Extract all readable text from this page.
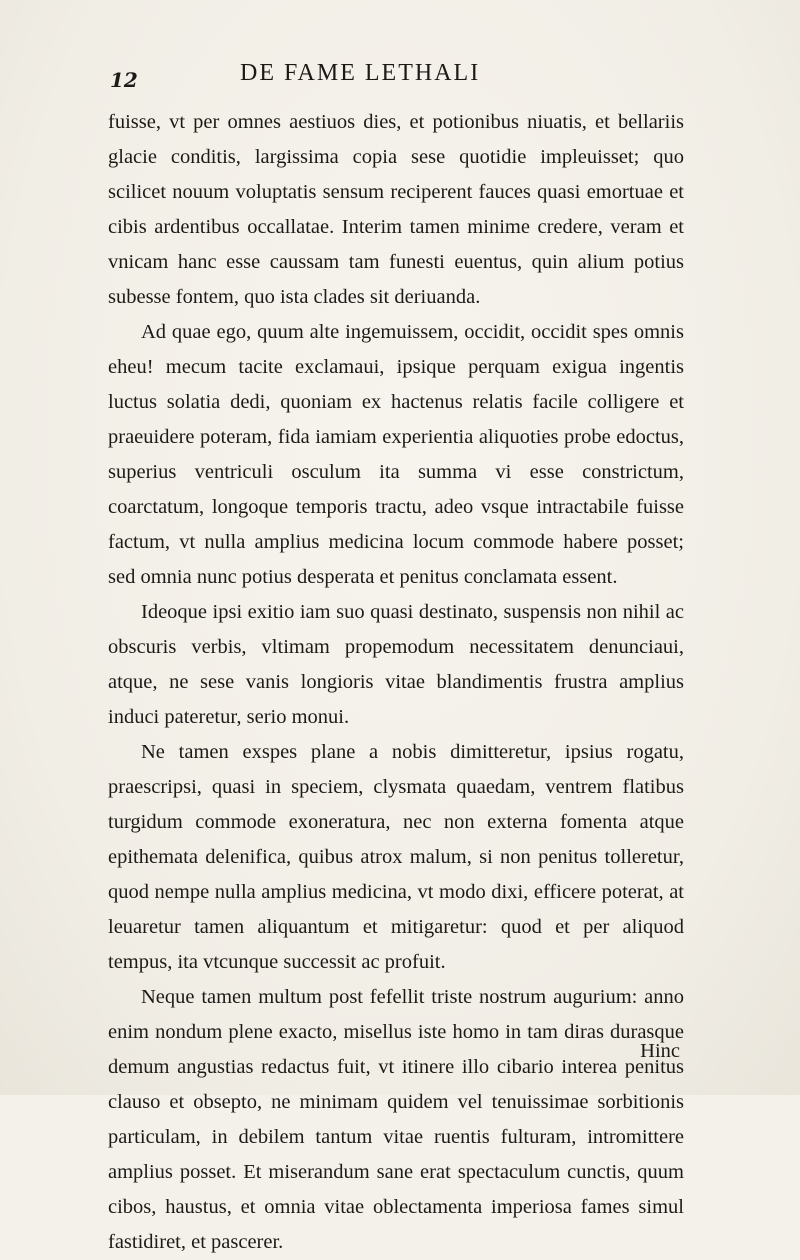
12	DE FAME LETHALI

fuisse, vt per omnes aestiuos dies, et potionibus niuatis, et bellariis glacie conditis, largissima copia sese quotidie impleuisset; quo scilicet nouum voluptatis sensum reciperent fauces quasi emortuae et cibis ardentibus occallatae. Interim tamen minime credere, veram et vnicam hanc esse caussam tam funesti euentus, quin alium potius subesse fontem, quo ista clades sit deriuanda.

Ad quae ego, quum alte ingemuissem, occidit, occidit spes omnis eheu! mecum tacite exclamaui, ipsique perquam exigua ingentis luctus solatia dedi, quoniam ex hactenus relatis facile colligere et praeuidere poteram, fida iamiam experientia aliquoties probe edoctus, superius ventriculi osculum ita summa vi esse constrictum, coarctatum, longoque temporis tractu, adeo vsque intractabile fuisse factum, vt nulla amplius medicina locum commode habere posset; sed omnia nunc potius desperata et penitus conclamata essent.

Ideoque ipsi exitio iam suo quasi destinato, suspensis non nihil ac obscuris verbis, vltimam propemodum necessitatem denunciaui, atque, ne sese vanis longioris vitae blandimentis frustra amplius induci pateretur, serio monui.

Ne tamen exspes plane a nobis dimitteretur, ipsius rogatu, praescripsi, quasi in speciem, clysmata quaedam, ventrem flatibus turgidum commode exoneratura, nec non externa fomenta atque epithemata delenifica, quibus atrox malum, si non penitus tolleretur, quod nempe nulla amplius medicina, vt modo dixi, efficere poterat, at leuaretur tamen aliquantum et mitigaretur: quod et per aliquod tempus, ita vtcunque successit ac profuit.

Neque tamen multum post fefellit triste nostrum augurium: anno enim nondum plene exacto, misellus iste homo in tam diras durasque demum angustias redactus fuit, vt itinere illo cibario interea penitus clauso et obsepto, ne minimam quidem vel tenuissimae sorbitionis particulam, in debilem tantum vitae ruentis fulturam, intromittere amplius posset. Et miserandum sane erat spectaculum cunctis, quum cibos, haustus, et omnia vitae oblectamenta imperiosa fames simul fastidiret, et pascerer.

Hinc
